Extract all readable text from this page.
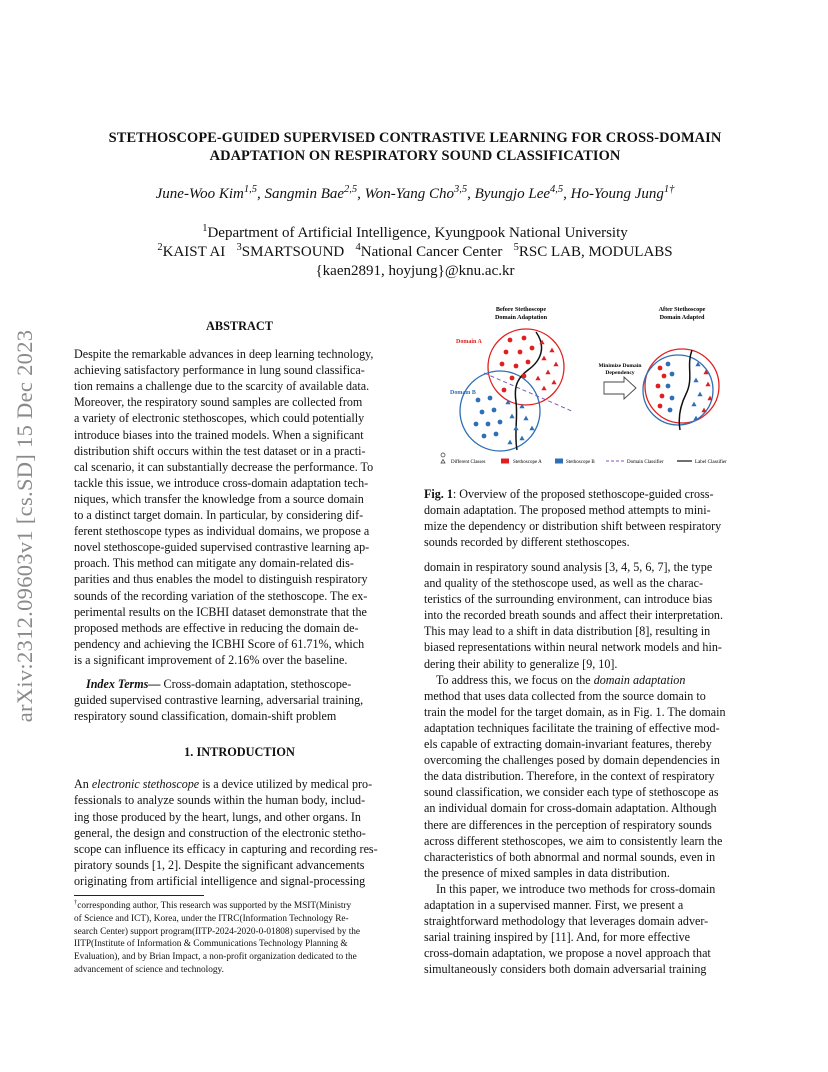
arXiv:2312.09603v1 [cs.SD] 15 Dec 2023
STETHOSCOPE-GUIDED SUPERVISED CONTRASTIVE LEARNING FOR CROSS-DOMAIN
ADAPTATION ON RESPIRATORY SOUND CLASSIFICATION
June-Woo Kim$^{1,5}$, Sangmin Bae$^{2,5}$, Won-Yang Cho$^{3,5}$, Byungjo Lee$^{4,5}$, Ho-Young Jung$^{1\dagger}$
$^1$Department of Artificial Intelligence, Kyungpook National University
$^2$KAIST AI $^3$SMARTSOUND $^4$National Cancer Center $^5$RSC LAB, MODULABS
{kaen2891, hoyjung}@knu.ac.kr
ABSTRACT
Despite the remarkable advances in deep learning technology,
achieving satisfactory performance in lung sound classifica-
tion remains a challenge due to the scarcity of available data.
Moreover, the respiratory sound samples are collected from
a variety of electronic stethoscopes, which could potentially
introduce biases into the trained models. When a significant
distribution shift occurs within the test dataset or in a practi-
cal scenario, it can substantially decrease the performance. To
tackle this issue, we introduce cross-domain adaptation tech-
niques, which transfer the knowledge from a source domain
to a distinct target domain. In particular, by considering dif-
ferent stethoscope types as individual domains, we propose a
novel stethoscope-guided supervised contrastive learning ap-
proach. This method can mitigate any domain-related dis-
parities and thus enables the model to distinguish respiratory
sounds of the recording variation of the stethoscope. The ex-
perimental results on the ICBHI dataset demonstrate that the
proposed methods are effective in reducing the domain de-
pendency and achieving the ICBHI Score of 61.71%, which
is a significant improvement of 2.16% over the baseline.
Index Terms— Cross-domain adaptation, stethoscope-
guided supervised contrastive learning, adversarial training,
respiratory sound classification, domain-shift problem
1. INTRODUCTION
An electronic stethoscope is a device utilized by medical pro-
fessionals to analyze sounds within the human body, includ-
ing those produced by the heart, lungs, and other organs. In
general, the design and construction of the electronic stetho-
scope can influence its efficacy in capturing and recording res-
piratory sounds [1, 2]. Despite the significant advancements
originating from artificial intelligence and signal-processing
†corresponding author, This research was supported by the MSIT(Ministry
of Science and ICT), Korea, under the ITRC(Information Technology Re-
search Center) support program(IITP-2024-2020-0-01808) supervised by the
IITP(Institute of Information & Communications Technology Planning &
Evaluation), and by Brian Impact, a non-profit organization dedicated to the
advancement of science and technology.
Before Stethoscope
Domain Adaptation
After Stethoscope
Domain Adapted
Domain A
Domain B
Minimize Domain
Dependency
Different Classes	Stethoscope A	Stethoscope B	Domain Classifier	Label Classifier
Fig. 1: Overview of the proposed stethoscope-guided cross-
domain adaptation. The proposed method attempts to mini-
mize the dependency or distribution shift between respiratory
sounds recorded by different stethoscopes.
domain in respiratory sound analysis [3, 4, 5, 6, 7], the type
and quality of the stethoscope used, as well as the charac-
teristics of the surrounding environment, can introduce bias
into the recorded breath sounds and affect their interpretation.
This may lead to a shift in data distribution [8], resulting in
biased representations within neural network models and hin-
dering their ability to generalize [9, 10].
To address this, we focus on the domain adaptation
method that uses data collected from the source domain to
train the model for the target domain, as in Fig. 1. The domain
adaptation techniques facilitate the training of effective mod-
els capable of extracting domain-invariant features, thereby
overcoming the challenges posed by domain dependencies in
the data distribution. Therefore, in the context of respiratory
sound classification, we consider each type of stethoscope as
an individual domain for cross-domain adaptation. Although
there are differences in the perception of respiratory sounds
across different stethoscopes, we aim to consistently learn the
characteristics of both abnormal and normal sounds, even in
the presence of mixed samples in data distribution.
In this paper, we introduce two methods for cross-domain
adaptation in a supervised manner. First, we present a
straightforward methodology that leverages domain adver-
sarial training inspired by [11]. And, for more effective
cross-domain adaptation, we propose a novel approach that
simultaneously considers both domain adversarial training
